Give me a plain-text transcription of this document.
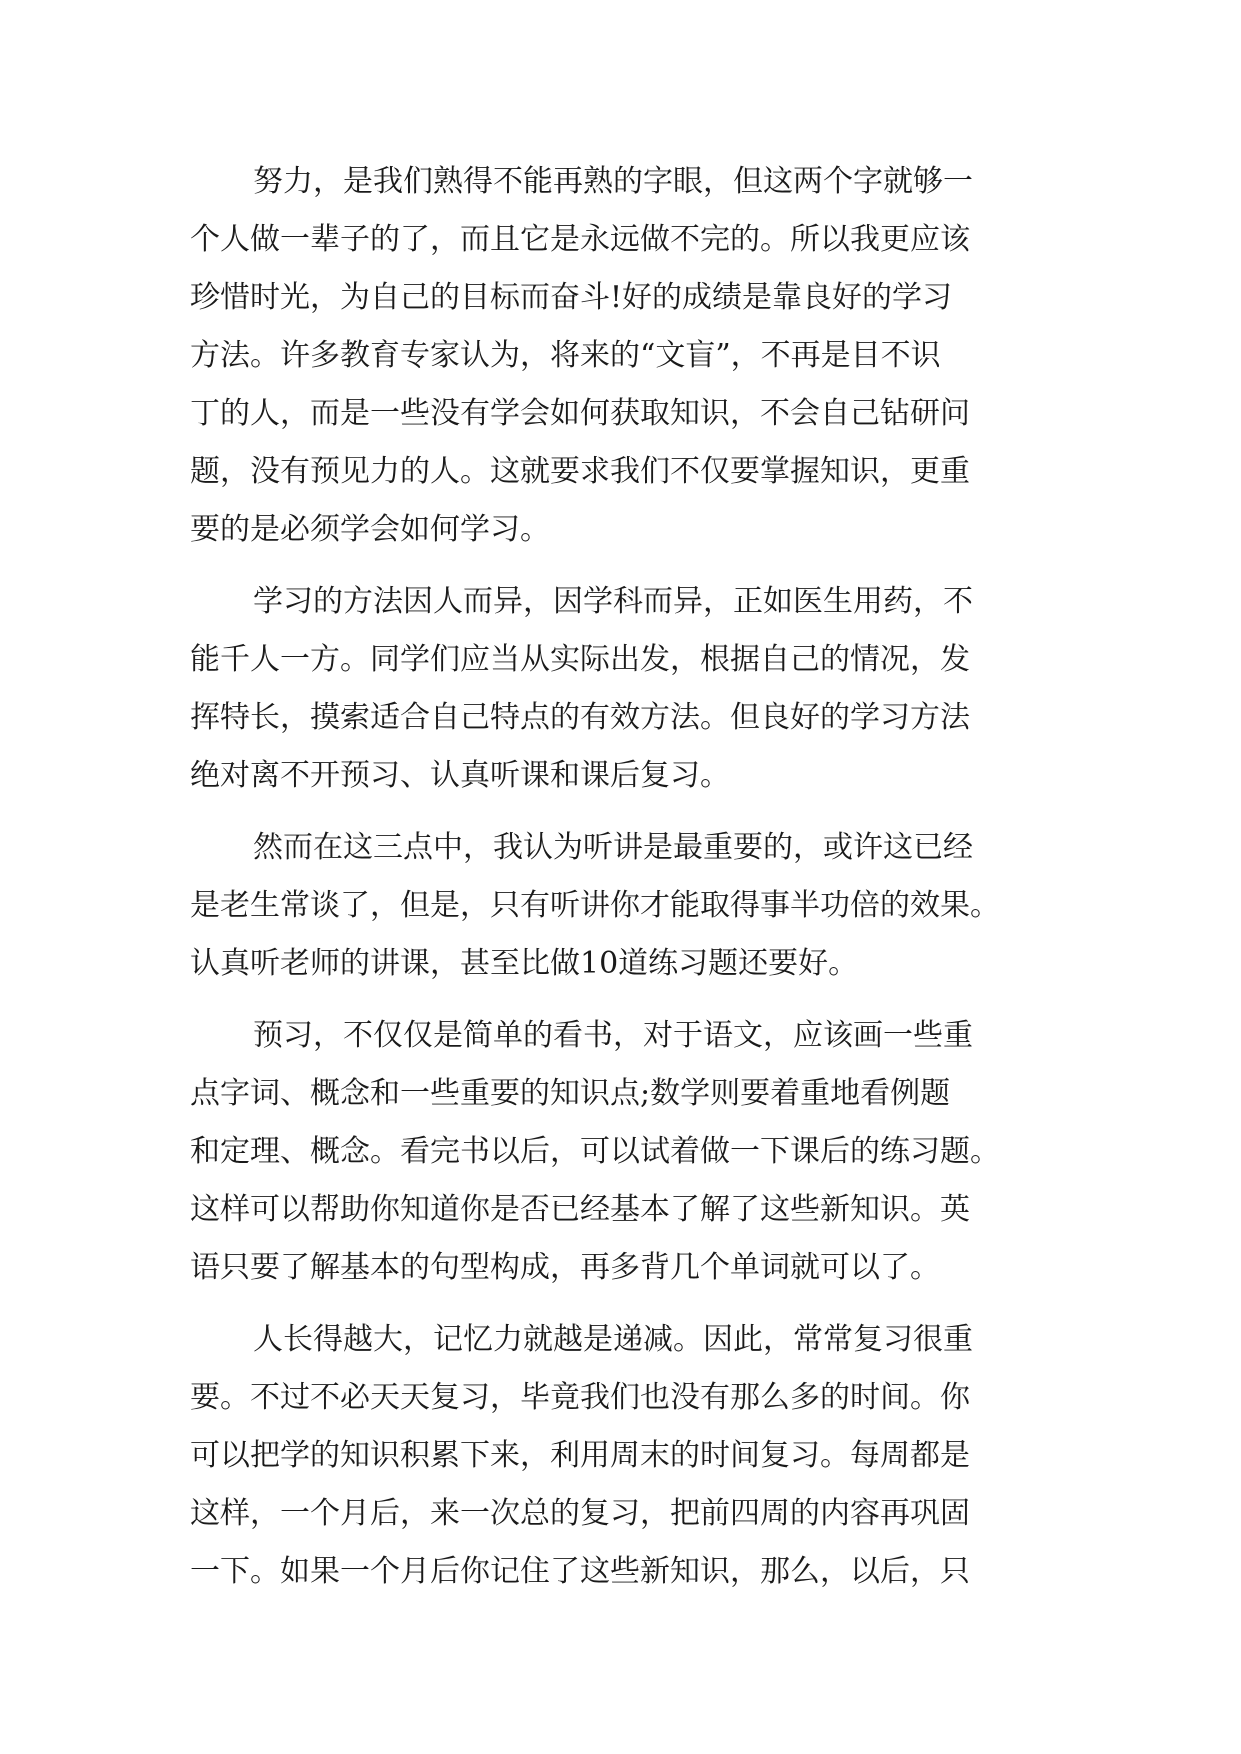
努力，是我们熟得不能再熟的字眼，但这两个字就够一
个人做一辈子的了，而且它是永远做不完的。所以我更应该
珍惜时光，为自己的目标而奋斗!好的成绩是靠良好的学习
方法。许多教育专家认为，将来的“文盲”，不再是目不识
丁的人，而是一些没有学会如何获取知识，不会自己钻研问
题，没有预见力的人。这就要求我们不仅要掌握知识，更重
要的是必须学会如何学习。
学习的方法因人而异，因学科而异，正如医生用药，不
能千人一方。同学们应当从实际出发，根据自己的情况，发
挥特长，摸索适合自己特点的有效方法。但良好的学习方法
绝对离不开预习、认真听课和课后复习。
然而在这三点中，我认为听讲是最重要的，或许这已经
是老生常谈了，但是，只有听讲你才能取得事半功倍的效果。
认真听老师的讲课，甚至比做10道练习题还要好。
预习，不仅仅是简单的看书，对于语文，应该画一些重
点字词、概念和一些重要的知识点;数学则要着重地看例题
和定理、概念。看完书以后，可以试着做一下课后的练习题。
这样可以帮助你知道你是否已经基本了解了这些新知识。英
语只要了解基本的句型构成，再多背几个单词就可以了。
人长得越大，记忆力就越是递减。因此，常常复习很重
要。不过不必天天复习，毕竟我们也没有那么多的时间。你
可以把学的知识积累下来，利用周末的时间复习。每周都是
这样，一个月后，来一次总的复习，把前四周的内容再巩固
一下。如果一个月后你记住了这些新知识，那么，以后，只
